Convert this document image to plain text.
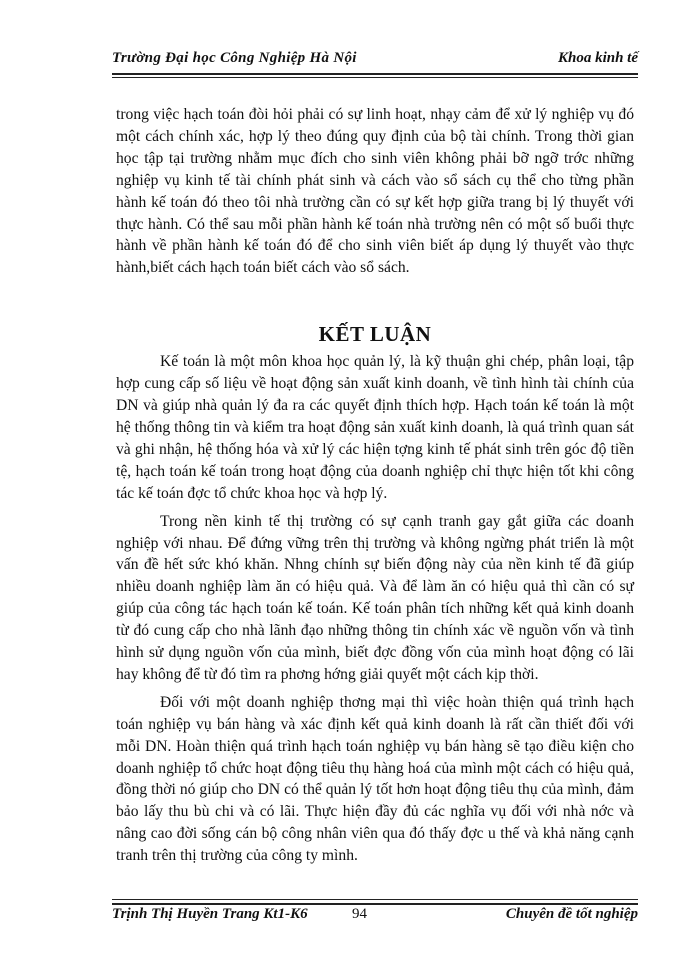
Trường Đại học Công Nghiệp Hà Nội	Khoa kinh tế

trong việc hạch toán đòi hỏi phải có sự linh hoạt, nhạy cảm để xử lý nghiệp vụ đó một cách chính xác, hợp lý theo đúng quy định của bộ tài chính. Trong thời gian học tập tại trường nhằm mục đích cho sinh viên không phải bỡ ngỡ trớc những nghiệp vụ kinh tế tài chính phát sinh và cách vào sổ sách cụ thể cho từng phần hành kế toán đó theo tôi nhà trường cần có sự kết hợp giữa trang bị lý thuyết với thực hành. Có thể sau mỗi phần hành kế toán nhà trường nên có một số buổi thực hành về phần hành kế toán đó để cho sinh viên biết áp dụng lý thuyết vào thực hành,biết cách hạch toán biết cách vào sổ sách.

KẾT LUẬN

Kế toán là một môn khoa học quản lý, là kỹ thuận ghi chép, phân loại, tập hợp cung cấp số liệu về hoạt động sản xuất kinh doanh, về tình hình tài chính của DN và giúp nhà quản lý đa ra các quyết định thích hợp. Hạch toán kế toán là một hệ thống thông tin và kiểm tra hoạt động sản xuất kinh doanh, là quá trình quan sát và ghi nhận, hệ thống hóa và xử lý các hiện tợng kinh tế phát sinh trên góc độ tiền tệ, hạch toán kế toán trong hoạt động của doanh nghiệp chỉ thực hiện tốt khi công tác kế toán đợc tổ chức khoa học và hợp lý.

Trong nền kinh tế thị trường có sự cạnh tranh gay gắt giữa các doanh nghiệp với nhau. Để đứng vững trên thị trường và không ngừng phát triển là một vấn đề hết sức khó khăn. Nhng chính sự biến động này của nền kinh tế đã giúp nhiều doanh nghiệp làm ăn có hiệu quả. Và để làm ăn có hiệu quả thì cần có sự giúp của công tác hạch toán kế toán. Kế toán phân tích những kết quả kinh doanh từ đó cung cấp cho nhà lãnh đạo những thông tin chính xác về nguồn vốn và tình hình sử dụng nguồn vốn của mình, biết đợc đồng vốn của mình hoạt động có lãi hay không để từ đó tìm ra phơng hớng giải quyết một cách kịp thời.

Đối với một doanh nghiệp thơng mại thì việc hoàn thiện quá trình hạch toán nghiệp vụ bán hàng và xác định kết quả kinh doanh là rất cần thiết đối với mỗi DN. Hoàn thiện quá trình hạch toán nghiệp vụ bán hàng sẽ tạo điều kiện cho doanh nghiệp tổ chức hoạt động tiêu thụ hàng hoá của mình một cách có hiệu quả, đồng thời nó giúp cho DN có thể quản lý tốt hơn hoạt động tiêu thụ của mình, đảm bảo lấy thu bù chi và có lãi. Thực hiện đầy đủ các nghĩa vụ đối với nhà nớc và nâng cao đời sống cán bộ công nhân viên qua đó thấy đợc u thế và khả năng cạnh tranh trên thị trường của công ty mình.

Trịnh Thị Huyền Trang Kt1-K6	94	Chuyên đề tốt nghiệp
